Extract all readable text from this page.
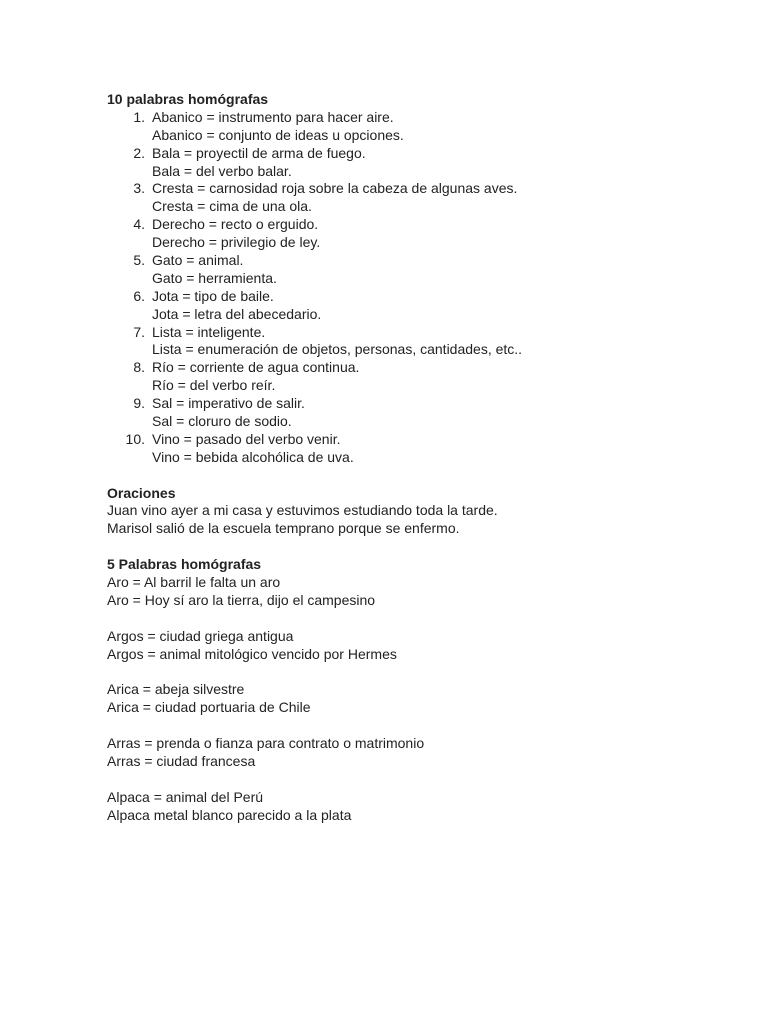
10 palabras homógrafas
1. Abanico = instrumento para hacer aire.
Abanico = conjunto de ideas u opciones.
2. Bala = proyectil de arma de fuego.
Bala = del verbo balar.
3. Cresta = carnosidad roja sobre la cabeza de algunas aves.
Cresta = cima de una ola.
4. Derecho = recto o erguido.
Derecho = privilegio de ley.
5. Gato = animal.
Gato = herramienta.
6. Jota = tipo de baile.
Jota = letra del abecedario.
7. Lista = inteligente.
Lista = enumeración de objetos, personas, cantidades, etc..
8. Río = corriente de agua continua.
Río = del verbo reír.
9. Sal = imperativo de salir.
Sal = cloruro de sodio.
10. Vino = pasado del verbo venir.
Vino = bebida alcohólica de uva.
Oraciones
Juan vino ayer a mi casa y estuvimos estudiando toda la tarde.
Marisol salió de la escuela temprano porque se enfermo.
5 Palabras homógrafas
Aro = Al barril le falta un aro
Aro = Hoy sí aro la tierra, dijo el campesino
Argos = ciudad griega antigua
Argos = animal mitológico vencido por Hermes
Arica = abeja silvestre
Arica = ciudad portuaria de Chile
Arras = prenda o fianza para contrato o matrimonio
Arras = ciudad francesa
Alpaca = animal del Perú
Alpaca metal blanco parecido a la plata
